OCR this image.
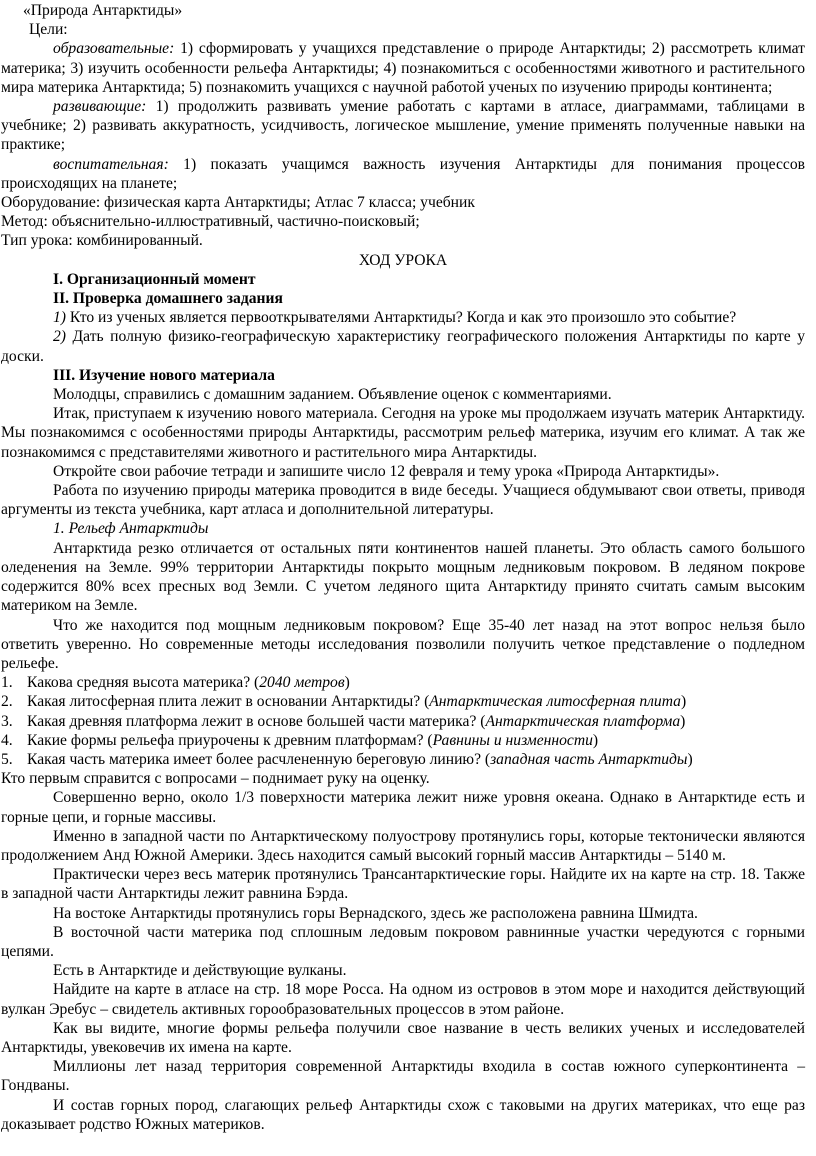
«Природа Антарктиды»

Цели:

образовательные: 1) сформировать у учащихся представление о природе Антарктиды; 2) рассмотреть климат материка; 3) изучить особенности рельефа Антарктиды; 4) познакомиться с особенностями животного и растительного мира материка Антарктида; 5) познакомить учащихся с научной работой ученых по изучению природы континента;

развивающие: 1) продолжить развивать умение работать с картами в атласе, диаграммами, таблицами в учебнике; 2) развивать аккуратность, усидчивость, логическое мышление, умение применять полученные навыки на практике;

воспитательная: 1) показать учащимся важность изучения Антарктиды для понимания процессов происходящих на планете;

Оборудование: физическая карта Антарктиды; Атлас 7 класса; учебник

Метод: объяснительно-иллюстративный, частично-поисковый;

Тип урока: комбинированный.

ХОД УРОКА

I. Организационный момент

II. Проверка домашнего задания

1) Кто из ученых является первооткрывателями Антарктиды? Когда и как это произошло это событие?

2) Дать полную физико-географическую характеристику географического положения Антарктиды по карте у доски.

III. Изучение нового материала

Молодцы, справились с домашним заданием. Объявление оценок с комментариями.

Итак, приступаем к изучению нового материала. Сегодня на уроке мы продолжаем изучать материк Антарктиду. Мы познакомимся с особенностями природы Антарктиды, рассмотрим рельеф материка, изучим его климат. А так же познакомимся с представителями животного и растительного мира Антарктиды.

Откройте свои рабочие тетради и запишите число 12 февраля и тему урока «Природа Антарктиды».

Работа по изучению природы материка проводится в виде беседы. Учащиеся обдумывают свои ответы, приводя аргументы из текста учебника, карт атласа и дополнительной литературы.

1. Рельеф Антарктиды

Антарктида резко отличается от остальных пяти континентов нашей планеты. Это область самого большого оледенения на Земле. 99% территории Антарктиды покрыто мощным ледниковым покровом. В ледяном покрове содержится 80% всех пресных вод Земли. С учетом ледяного щита Антарктиду принято считать самым высоким материком на Земле.

Что же находится под мощным ледниковым покровом? Еще 35-40 лет назад на этот вопрос нельзя было ответить уверенно. Но современные методы исследования позволили получить четкое представление о подледном рельефе.

1. Какова средняя высота материка? (2040 метров)
2. Какая литосферная плита лежит в основании Антарктиды? (Антарктическая литосферная плита)
3. Какая древняя платформа лежит в основе большей части материка? (Антарктическая платформа)
4. Какие формы рельефа приурочены к древним платформам? (Равнины и низменности)
5. Какая часть материка имеет более расчлененную береговую линию? (западная часть Антарктиды)

Кто первым справится с вопросами – поднимает руку на оценку.

Совершенно верно, около 1/3 поверхности материка лежит ниже уровня океана. Однако в Антарктиде есть и горные цепи, и горные массивы.

Именно в западной части по Антарктическому полуострову протянулись горы, которые тектонически являются продолжением Анд Южной Америки. Здесь находится самый высокий горный массив Антарктиды – 5140 м.

Практически через весь материк протянулись Трансантарктические горы. Найдите их на карте на стр. 18. Также в западной части Антарктиды лежит равнина Бэрда.

На востоке Антарктиды протянулись горы Вернадского, здесь же расположена равнина Шмидта.

В восточной части материка под сплошным ледовым покровом равнинные участки чередуются с горными цепями.

Есть в Антарктиде и действующие вулканы.

Найдите на карте в атласе на стр. 18 море Росса. На одном из островов в этом море и находится действующий вулкан Эребус – свидетель активных горообразовательных процессов в этом районе.

Как вы видите, многие формы рельефа получили свое название в честь великих ученых и исследователей Антарктиды, увековечив их имена на карте.

Миллионы лет назад территория современной Антарктиды входила в состав южного суперконтинента – Гондваны.

И состав горных пород, слагающих рельеф Антарктиды схож с таковыми на других материках, что еще раз доказывает родство Южных материков.
